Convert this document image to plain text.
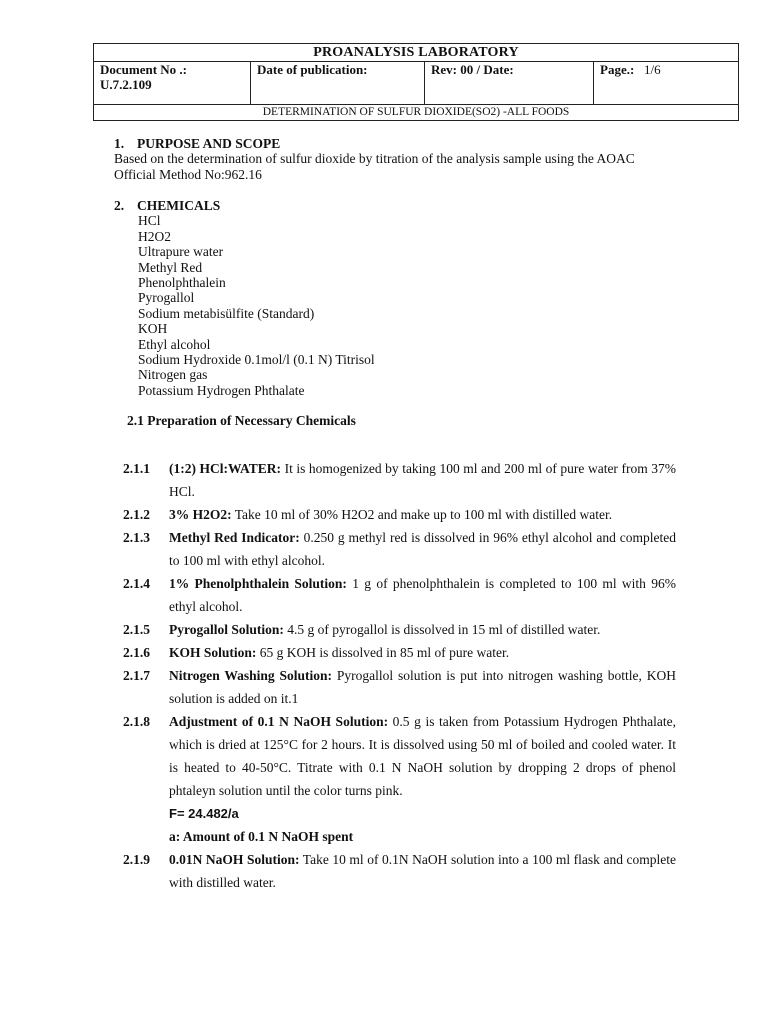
PROANALYSIS LABORATORY
Document No .:
U.7.2.109	Date of publication:	Rev: 00 / Date:	Page.: 1/6
DETERMINATION OF SULFUR DIOXIDE(SO2) -ALL FOODS
1. PURPOSE AND SCOPE
Based on the determination of sulfur dioxide by titration of the analysis sample using the AOAC Official Method No:962.16
2. CHEMICALS
HCl
H2O2
Ultrapure water
Methyl Red
Phenolphthalein
Pyrogallol
Sodium metabisülfite (Standard)
KOH
Ethyl alcohol
Sodium Hydroxide 0.1mol/l (0.1 N) Titrisol
Nitrogen gas
Potassium Hydrogen Phthalate
2.1 Preparation of Necessary Chemicals
2.1.1	(1:2) HCl:WATER: It is homogenized by taking 100 ml and 200 ml of pure water from 37% HCl.
2.1.2	3% H2O2: Take 10 ml of 30% H2O2 and make up to 100 ml with distilled water.
2.1.3	Methyl Red Indicator: 0.250 g methyl red is dissolved in 96% ethyl alcohol and completed to 100 ml with ethyl alcohol.
2.1.4	1% Phenolphthalein Solution: 1 g of phenolphthalein is completed to 100 ml with 96% ethyl alcohol.
2.1.5	Pyrogallol Solution: 4.5 g of pyrogallol is dissolved in 15 ml of distilled water.
2.1.6	KOH Solution: 65 g KOH is dissolved in 85 ml of pure water.
2.1.7	Nitrogen Washing Solution: Pyrogallol solution is put into nitrogen washing bottle, KOH solution is added on it.1
2.1.8	Adjustment of 0.1 N NaOH Solution: 0.5 g is taken from Potassium Hydrogen Phthalate, which is dried at 125°C for 2 hours. It is dissolved using 50 ml of boiled and cooled water. It is heated to 40-50°C. Titrate with 0.1 N NaOH solution by dropping 2 drops of phenol phtaleyn solution until the color turns pink.
F= 24.482/a
a: Amount of 0.1 N NaOH spent
2.1.9	0.01N NaOH Solution: Take 10 ml of 0.1N NaOH solution into a 100 ml flask and complete with distilled water.
